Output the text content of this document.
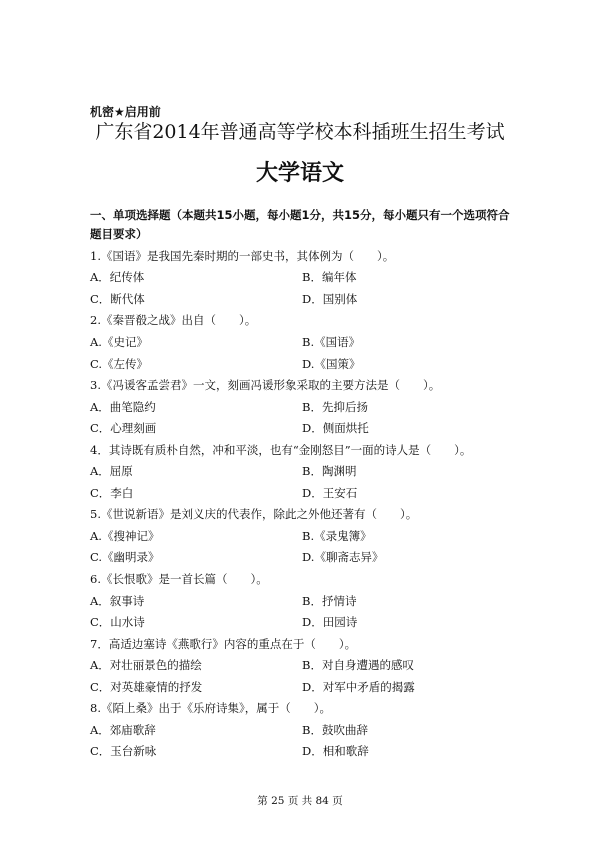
机密★启用前
广东省2014年普通高等学校本科插班生招生考试
大学语文
一、单项选择题（本题共15小题，每小题1分，共15分，每小题只有一个选项符合题目要求）
1.《国语》是我国先秦时期的一部史书，其体例为（　　）。
A．纪传体	B．编年体
C．断代体	D．国别体
2.《秦晋殽之战》出自（　　）。
A.《史记》	B.《国语》
C.《左传》	D.《国策》
3.《冯谖客孟尝君》一文，刻画冯谖形象采取的主要方法是（　　）。
A．曲笔隐约	B．先抑后扬
C．心理刻画	D．侧面烘托
4．其诗既有质朴自然，冲和平淡，也有“金刚怒目”一面的诗人是（　　）。
A．屈原	B．陶渊明
C．李白	D．王安石
5.《世说新语》是刘义庆的代表作，除此之外他还著有（　　）。
A.《搜神记》	B.《录鬼簿》
C.《幽明录》	D.《聊斋志异》
6.《长恨歌》是一首长篇（　　）。
A．叙事诗	B．抒情诗
C．山水诗	D．田园诗
7．高适边塞诗《燕歌行》内容的重点在于（　　）。
A．对壮丽景色的描绘	B．对自身遭遇的感叹
C．对英雄豪情的抒发	D．对军中矛盾的揭露
8.《陌上桑》出于《乐府诗集》，属于（　　）。
A．郊庙歌辞	B．鼓吹曲辞
C．玉台新咏	D．相和歌辞
第 25 页 共 84 页
